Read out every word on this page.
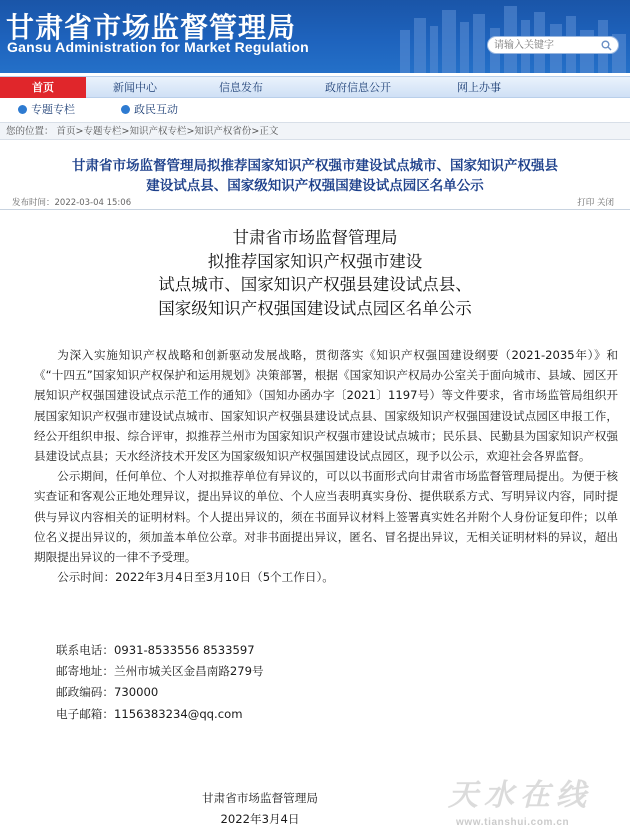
甘肃省市场监督管理局
Gansu Administration for Market Regulation
请输入关键字
首页	新闻中心	信息发布	政府信息公开	网上办事
专题专栏	政民互动
您的位置： 首页>专题专栏>知识产权专栏>知识产权省份>正文
甘肃省市场监督管理局拟推荐国家知识产权强市建设试点城市、国家知识产权强县
建设试点县、国家级知识产权强国建设试点园区名单公示
发布时间：2022-03-04 15:06	打印 关闭
甘肃省市场监督管理局
拟推荐国家知识产权强市建设
试点城市、国家知识产权强县建设试点县、
国家级知识产权强国建设试点园区名单公示

为深入实施知识产权战略和创新驱动发展战略，贯彻落实《知识产权强国建设纲要（2021-2035年）》和《“十四五”国家知识产权保护和运用规划》决策部署，根据《国家知识产权局办公室关于面向城市、县域、园区开展知识产权强国建设试点示范工作的通知》（国知办函办字〔2021〕1197号）等文件要求，省市场监管局组织开展国家知识产权强市建设试点城市、国家知识产权强县建设试点县、国家级知识产权强国建设试点园区申报工作，经公开组织申报、综合评审，拟推荐兰州市为国家知识产权强市建设试点城市；民乐县、民勤县为国家知识产权强县建设试点县；天水经济技术开发区为国家级知识产权强国建设试点园区，现予以公示，欢迎社会各界监督。

公示期间，任何单位、个人对拟推荐单位有异议的，可以以书面形式向甘肃省市场监督管理局提出。为便于核实查证和客观公正地处理异议，提出异议的单位、个人应当表明真实身份、提供联系方式、写明异议内容，同时提供与异议内容相关的证明材料。个人提出异议的，须在书面异议材料上签署真实姓名并附个人身份证复印件；以单位名义提出异议的，须加盖本单位公章。对非书面提出异议，匿名、冒名提出异议，无相关证明材料的异议，超出期限提出异议的一律不予受理。

公示时间：2022年3月4日至3月10日（5个工作日）。

联系电话：0931-8533556 8533597
邮寄地址：兰州市城关区金昌南路279号
邮政编码：730000
电子邮箱：1156383234@qq.com
甘肃省市场监督管理局
2022年3月4日
天水在线
www.tianshui.com.cn
